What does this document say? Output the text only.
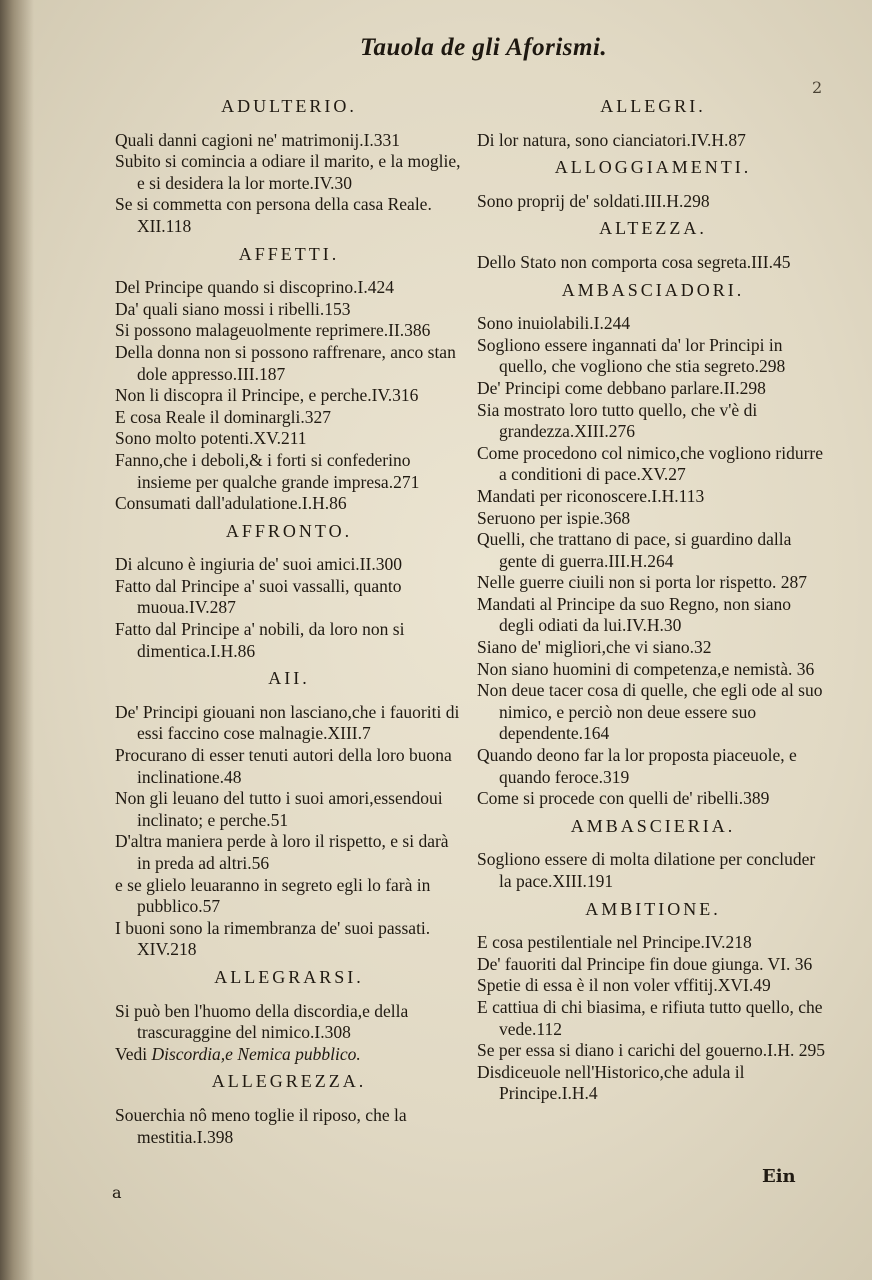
Tauola de gli Aforismi.
2
ADULTERIO.

Quali danni cagioni ne' matrimonij.I.331

Subito si comincia a odiare il marito, e la moglie, e si desidera la lor morte.IV.30

Se si commetta con persona della casa Reale. XII.118

AFFETTI.

Del Principe quando si discoprino.I.424

Da' quali siano mossi i ribelli.153

Si possono malageuolmente reprimere.II.386

Della donna non si possono raffrenare, anco stan dole appresso.III.187

Non li discopra il Principe, e perche.IV.316

E cosa Reale il dominargli.327

Sono molto potenti.XV.211

Fanno,che i deboli,& i forti si confederino insieme per qualche grande impresa.271

Consumati dall'adulatione.I.H.86

AFFRONTO.

Di alcuno è ingiuria de' suoi amici.II.300

Fatto dal Principe a' suoi vassalli, quanto muoua.IV.287

Fatto dal Principe a' nobili, da loro non si dimentica.I.H.86

AII.

De' Principi giouani non lasciano,che i fauoriti di essi faccino cose malnagie.XIII.7

Procurano di esser tenuti autori della loro buona inclinatione.48

Non gli leuano del tutto i suoi amori,essendoui inclinato; e perche.51

D'altra maniera perde à loro il rispetto, e si darà in preda ad altri.56

e se glielo leuaranno in segreto egli lo farà in pubblico.57

I buoni sono la rimembranza de' suoi passati. XIV.218

ALLEGRARSI.

Si può ben l'huomo della discordia,e della trascuraggine del nimico.I.308

Vedi Discordia,e Nemica pubblico.

ALLEGREZZA.

Souerchia nô meno toglie il riposo, che la mestitia.I.398

ALLEGRI.

Di lor natura, sono cianciatori.IV.H.87

ALLOGGIAMENTI.

Sono proprij de' soldati.III.H.298

ALTEZZA.

Dello Stato non comporta cosa segreta.III.45

AMBASCIADORI.

Sono inuiolabili.I.244

Sogliono essere ingannati da' lor Principi in quello, che vogliono che stia segreto.298

De' Principi come debbano parlare.II.298

Sia mostrato loro tutto quello, che v'è di grandezza.XIII.276

Come procedono col nimico,che vogliono ridurre a conditioni di pace.XV.27

Mandati per riconoscere.I.H.113

Seruono per ispie.368

Quelli, che trattano di pace, si guardino dalla gente di guerra.III.H.264

Nelle guerre ciuili non si porta lor rispetto. 287

Mandati al Principe da suo Regno, non siano degli odiati da lui.IV.H.30

Siano de' migliori,che vi siano.32

Non siano huomini di competenza,e nemistà. 36

Non deue tacer cosa di quelle, che egli ode al suo nimico, e perciò non deue essere suo dependente.164

Quando deono far la lor proposta piaceuole, e quando feroce.319

Come si procede con quelli de' ribelli.389

AMBASCIERIA.

Sogliono essere di molta dilatione per concluder la pace.XIII.191

AMBITIONE.

E cosa pestilentiale nel Principe.IV.218

De' fauoriti dal Principe fin doue giunga. VI. 36

Spetie di essa è il non voler vffitij.XVI.49

E cattiua di chi biasima, e rifiuta tutto quello, che vede.112

Se per essa si diano i carichi del gouerno.I.H. 295

Disdiceuole nell'Historico,che adula il Principe.I.H.4

a
Ein
